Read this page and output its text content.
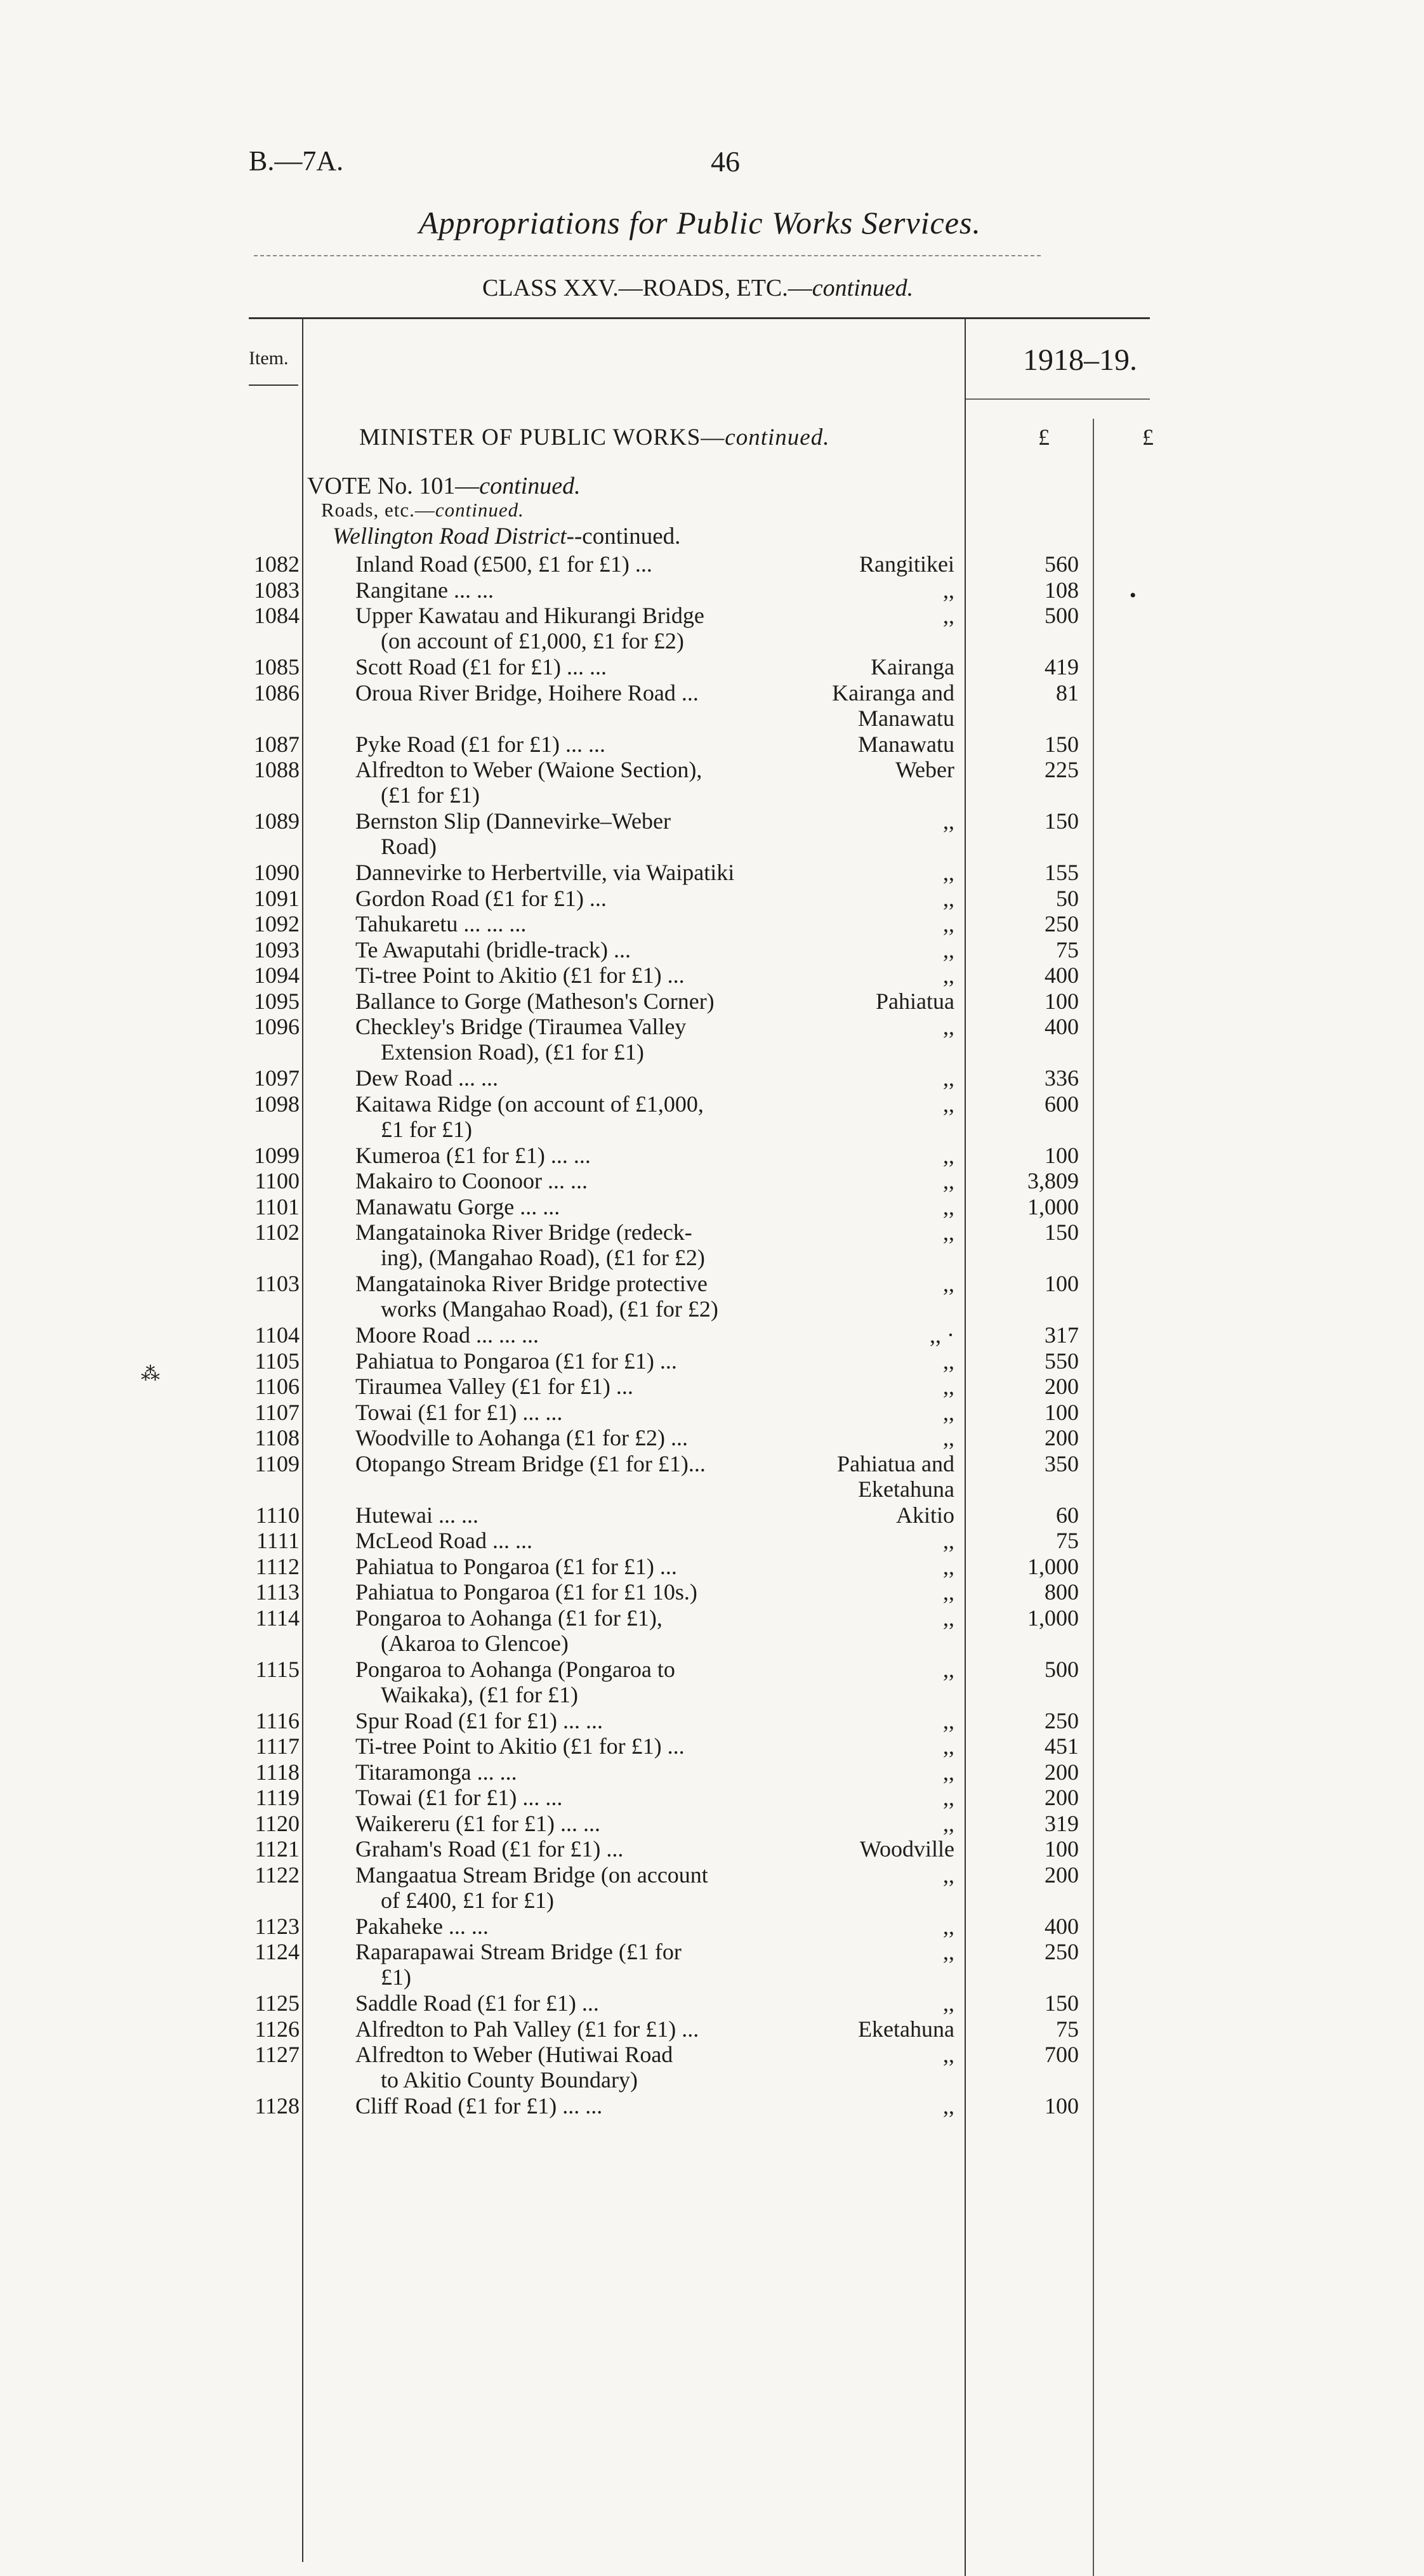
B.—7A.	46
Appropriations for Public Works Services.
CLASS XXV.—ROADS, ETC.—continued.
Item.	1918–19.
MINISTER OF PUBLIC WORKS—continued.	£	£
VOTE No. 101—continued.
Roads, etc.—continued.
Wellington Road District--continued.
•
⁂
1082 Inland Road (£500, £1 for £1) ...	Rangitikei	560
1083 Rangitane ... ...	,,	108
1084 Upper Kawatau and Hikurangi Bridge	,,	500
(on account of £1,000, £1 for £2)
1085 Scott Road (£1 for £1) ... ...	Kairanga	419
1086 Oroua River Bridge, Hoihere Road ...	Kairanga and	81
Manawatu
1087 Pyke Road (£1 for £1) ... ...	Manawatu	150
1088 Alfredton to Weber (Waione Section),	Weber	225
(£1 for £1)
1089 Bernston Slip (Dannevirke–Weber	,,	150
Road)
1090 Dannevirke to Herbertville, via Waipatiki	,,	155
1091 Gordon Road (£1 for £1) ...	,,	50
1092 Tahukaretu ... ... ...	,,	250
1093 Te Awaputahi (bridle-track) ...	,,	75
1094 Ti-tree Point to Akitio (£1 for £1) ...	,,	400
1095 Ballance to Gorge (Matheson's Corner)	Pahiatua	100
1096 Checkley's Bridge (Tiraumea Valley	,,	400
Extension Road), (£1 for £1)
1097 Dew Road ... ...	,,	336
1098 Kaitawa Ridge (on account of £1,000,	,,	600
£1 for £1)
1099 Kumeroa (£1 for £1) ... ...	,,	100
1100 Makairo to Coonoor ... ...	,,	3,809
1101 Manawatu Gorge ... ...	,,	1,000
1102 Mangatainoka River Bridge (redeck-	,,	150
ing), (Mangahao Road), (£1 for £2)
1103 Mangatainoka River Bridge protective	,,	100
works (Mangahao Road), (£1 for £2)
1104 Moore Road ... ... ...	,, ·	317
1105 Pahiatua to Pongaroa (£1 for £1) ...	,,	550
1106 Tiraumea Valley (£1 for £1) ...	,,	200
1107 Towai (£1 for £1) ... ...	,,	100
1108 Woodville to Aohanga (£1 for £2) ...	,,	200
1109 Otopango Stream Bridge (£1 for £1)...	Pahiatua and	350
Eketahuna
1110 Hutewai ... ...	Akitio	60
1111 McLeod Road ... ...	,,	75
1112 Pahiatua to Pongaroa (£1 for £1) ...	,,	1,000
1113 Pahiatua to Pongaroa (£1 for £1 10s.)	,,	800
1114 Pongaroa to Aohanga (£1 for £1),	,,	1,000
(Akaroa to Glencoe)
1115 Pongaroa to Aohanga (Pongaroa to	,,	500
Waikaka), (£1 for £1)
1116 Spur Road (£1 for £1) ... ...	,,	250
1117 Ti-tree Point to Akitio (£1 for £1) ...	,,	451
1118 Titaramonga ... ...	,,	200
1119 Towai (£1 for £1) ... ...	,,	200
1120 Waikereru (£1 for £1) ... ...	,,	319
1121 Graham's Road (£1 for £1) ...	Woodville	100
1122 Mangaatua Stream Bridge (on account	,,	200
of £400, £1 for £1)
1123 Pakaheke ... ...	,,	400
1124 Raparapawai Stream Bridge (£1 for	,,	250
£1)
1125 Saddle Road (£1 for £1) ...	,,	150
1126 Alfredton to Pah Valley (£1 for £1) ...	Eketahuna	75
1127 Alfredton to Weber (Hutiwai Road	,,	700
to Akitio County Boundary)
1128 Cliff Road (£1 for £1) ... ...	,,	100
